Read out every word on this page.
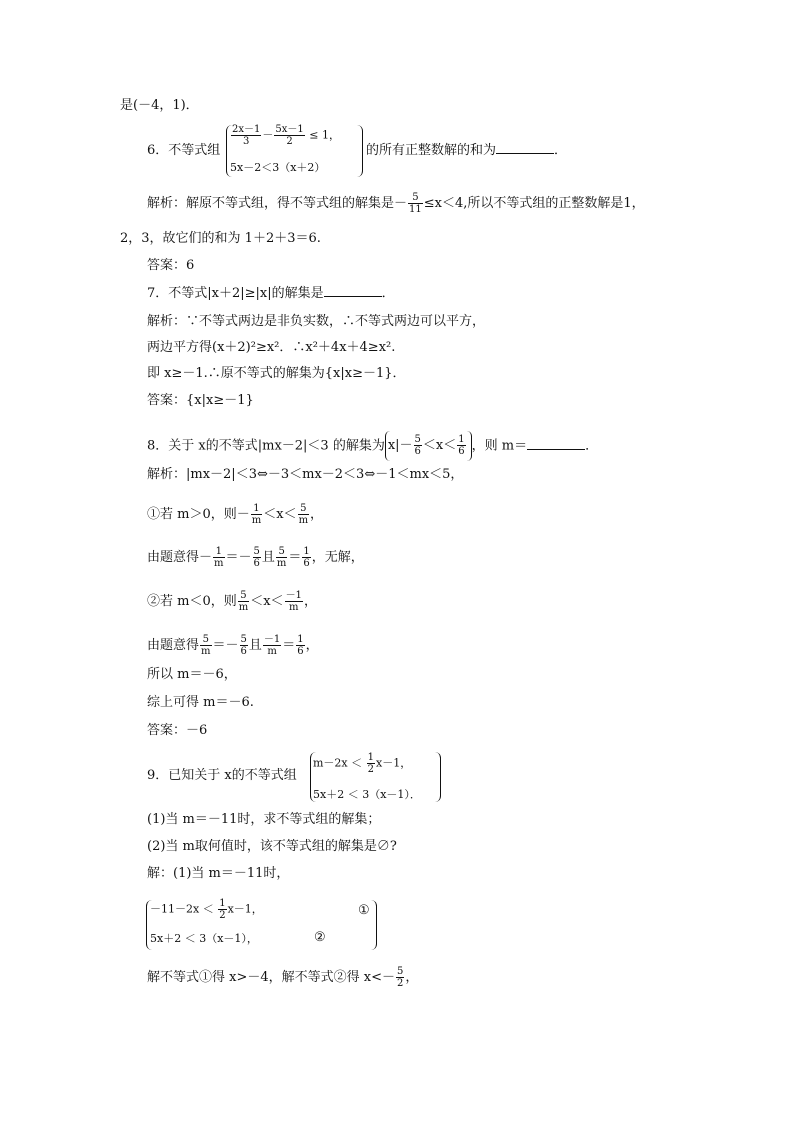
是(－4，1)．
6．不等式组
$\frac{2x-1}{3} - \frac{5x-1}{2} \le 1$，
5x－2＜3（x＋2）
的所有正整数解的和为	．
解析：解原不等式组，得不等式组的解集是－ $\frac{5}{11} \le x<4$,所以不等式组的正整数解是1，
2，3，故它们的和为 1＋2＋3＝6.
答案：6
7．不等式|x＋2|≥|x|的解集是	．
解析：∵不等式两边是非负实数，∴不等式两边可以平方，
两边平方得(x＋2)²≥x²．∴x²＋4x＋4≥x².
即 x≥－1.∴原不等式的解集为{x|x≥－1}．
答案：{x|x≥－1}
8．关于 x的不等式|mx－2|＜3 的解集为 $x|- \frac{5}{6} <x< \frac{1}{6}$ ，则 m＝	．
解析：|mx－2|＜3⇔－3＜mx－2＜3⇔－1＜mx＜5，
①若 m＞0，则－ $\frac{1}{m} <x< \frac{5}{m}$ ，
由题意得－ $\frac{1}{m} =- \frac{5}{6}$ 且 $\frac{5}{m} = \frac{1}{6}$ ，无解，
②若 m＜0，则 $\frac{5}{m} <x< \frac{-1}{m}$ ，
由题意得 $\frac{5}{m} =- \frac{5}{6}$ 且 $\frac{-1}{m} = \frac{1}{6}$ ，
所以 m＝－6，
综上可得 m＝－6.
答案：－6
9．已知关于 x的不等式组
$m-2x < \frac{1}{2} x-1$，
5x＋2 ＜ 3（x－1）．
(1)当 m＝－11时，求不等式组的解集；
(2)当 m取何值时，该不等式组的解集是∅?
解：(1)当 m＝－11时，
$-11-2x < \frac{1}{2} x-1$，	①
5x＋2 ＜ 3（x－1），	②
解不等式①得 x>－4，解不等式②得 $x<- \frac{5}{2}$ ，
